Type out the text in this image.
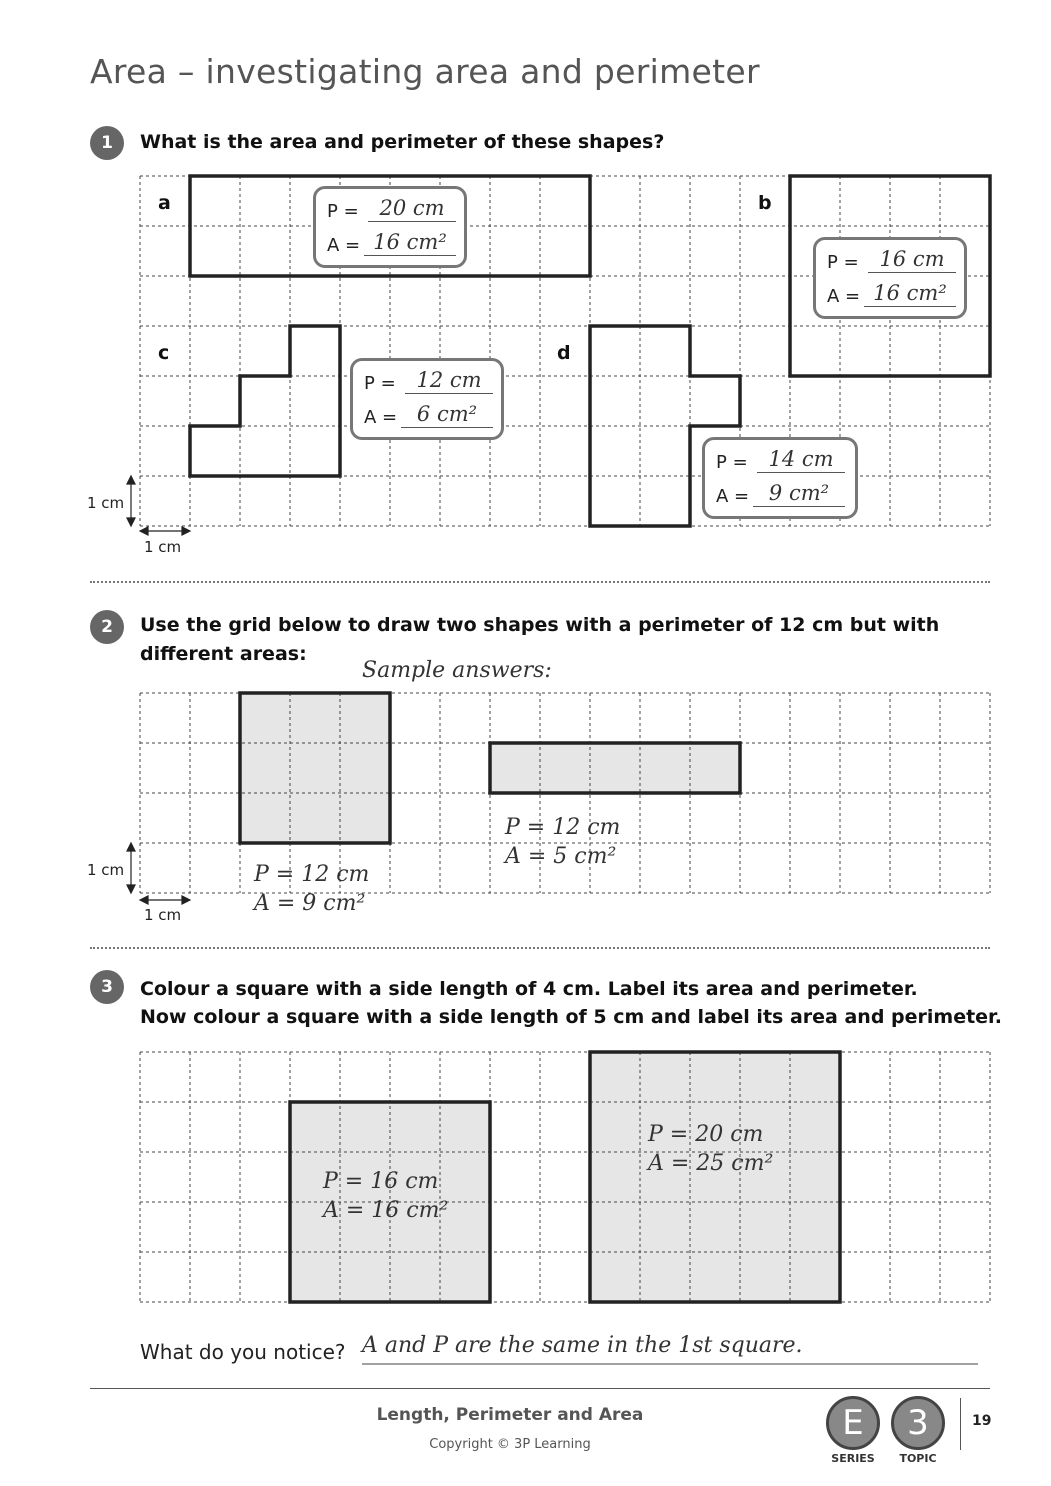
Area – investigating area and perimeter
1	What is the area and perimeter of these shapes?
a	b
c	d
1 cm
1 cm
P = 20 cm
A = 16 cm²
P = 16 cm
A = 16 cm²
P = 12 cm
A = 6 cm²
P = 14 cm
A = 9 cm²
2	Use the grid below to draw two shapes with a perimeter of 12 cm but with
different areas:
Sample answers:
1 cm
1 cm
P = 12 cm
A = 9 cm²
P = 12 cm
A = 5 cm²
3	Colour a square with a side length of 4 cm. Label its area and perimeter.
Now colour a square with a side length of 5 cm and label its area and perimeter.
P = 16 cm
A = 16 cm²
P = 20 cm
A = 25 cm²
What do you notice? A and P are the same in the 1st square.
Length, Perimeter and Area
Copyright © 3P Learning
E
SERIES
3
TOPIC
19
